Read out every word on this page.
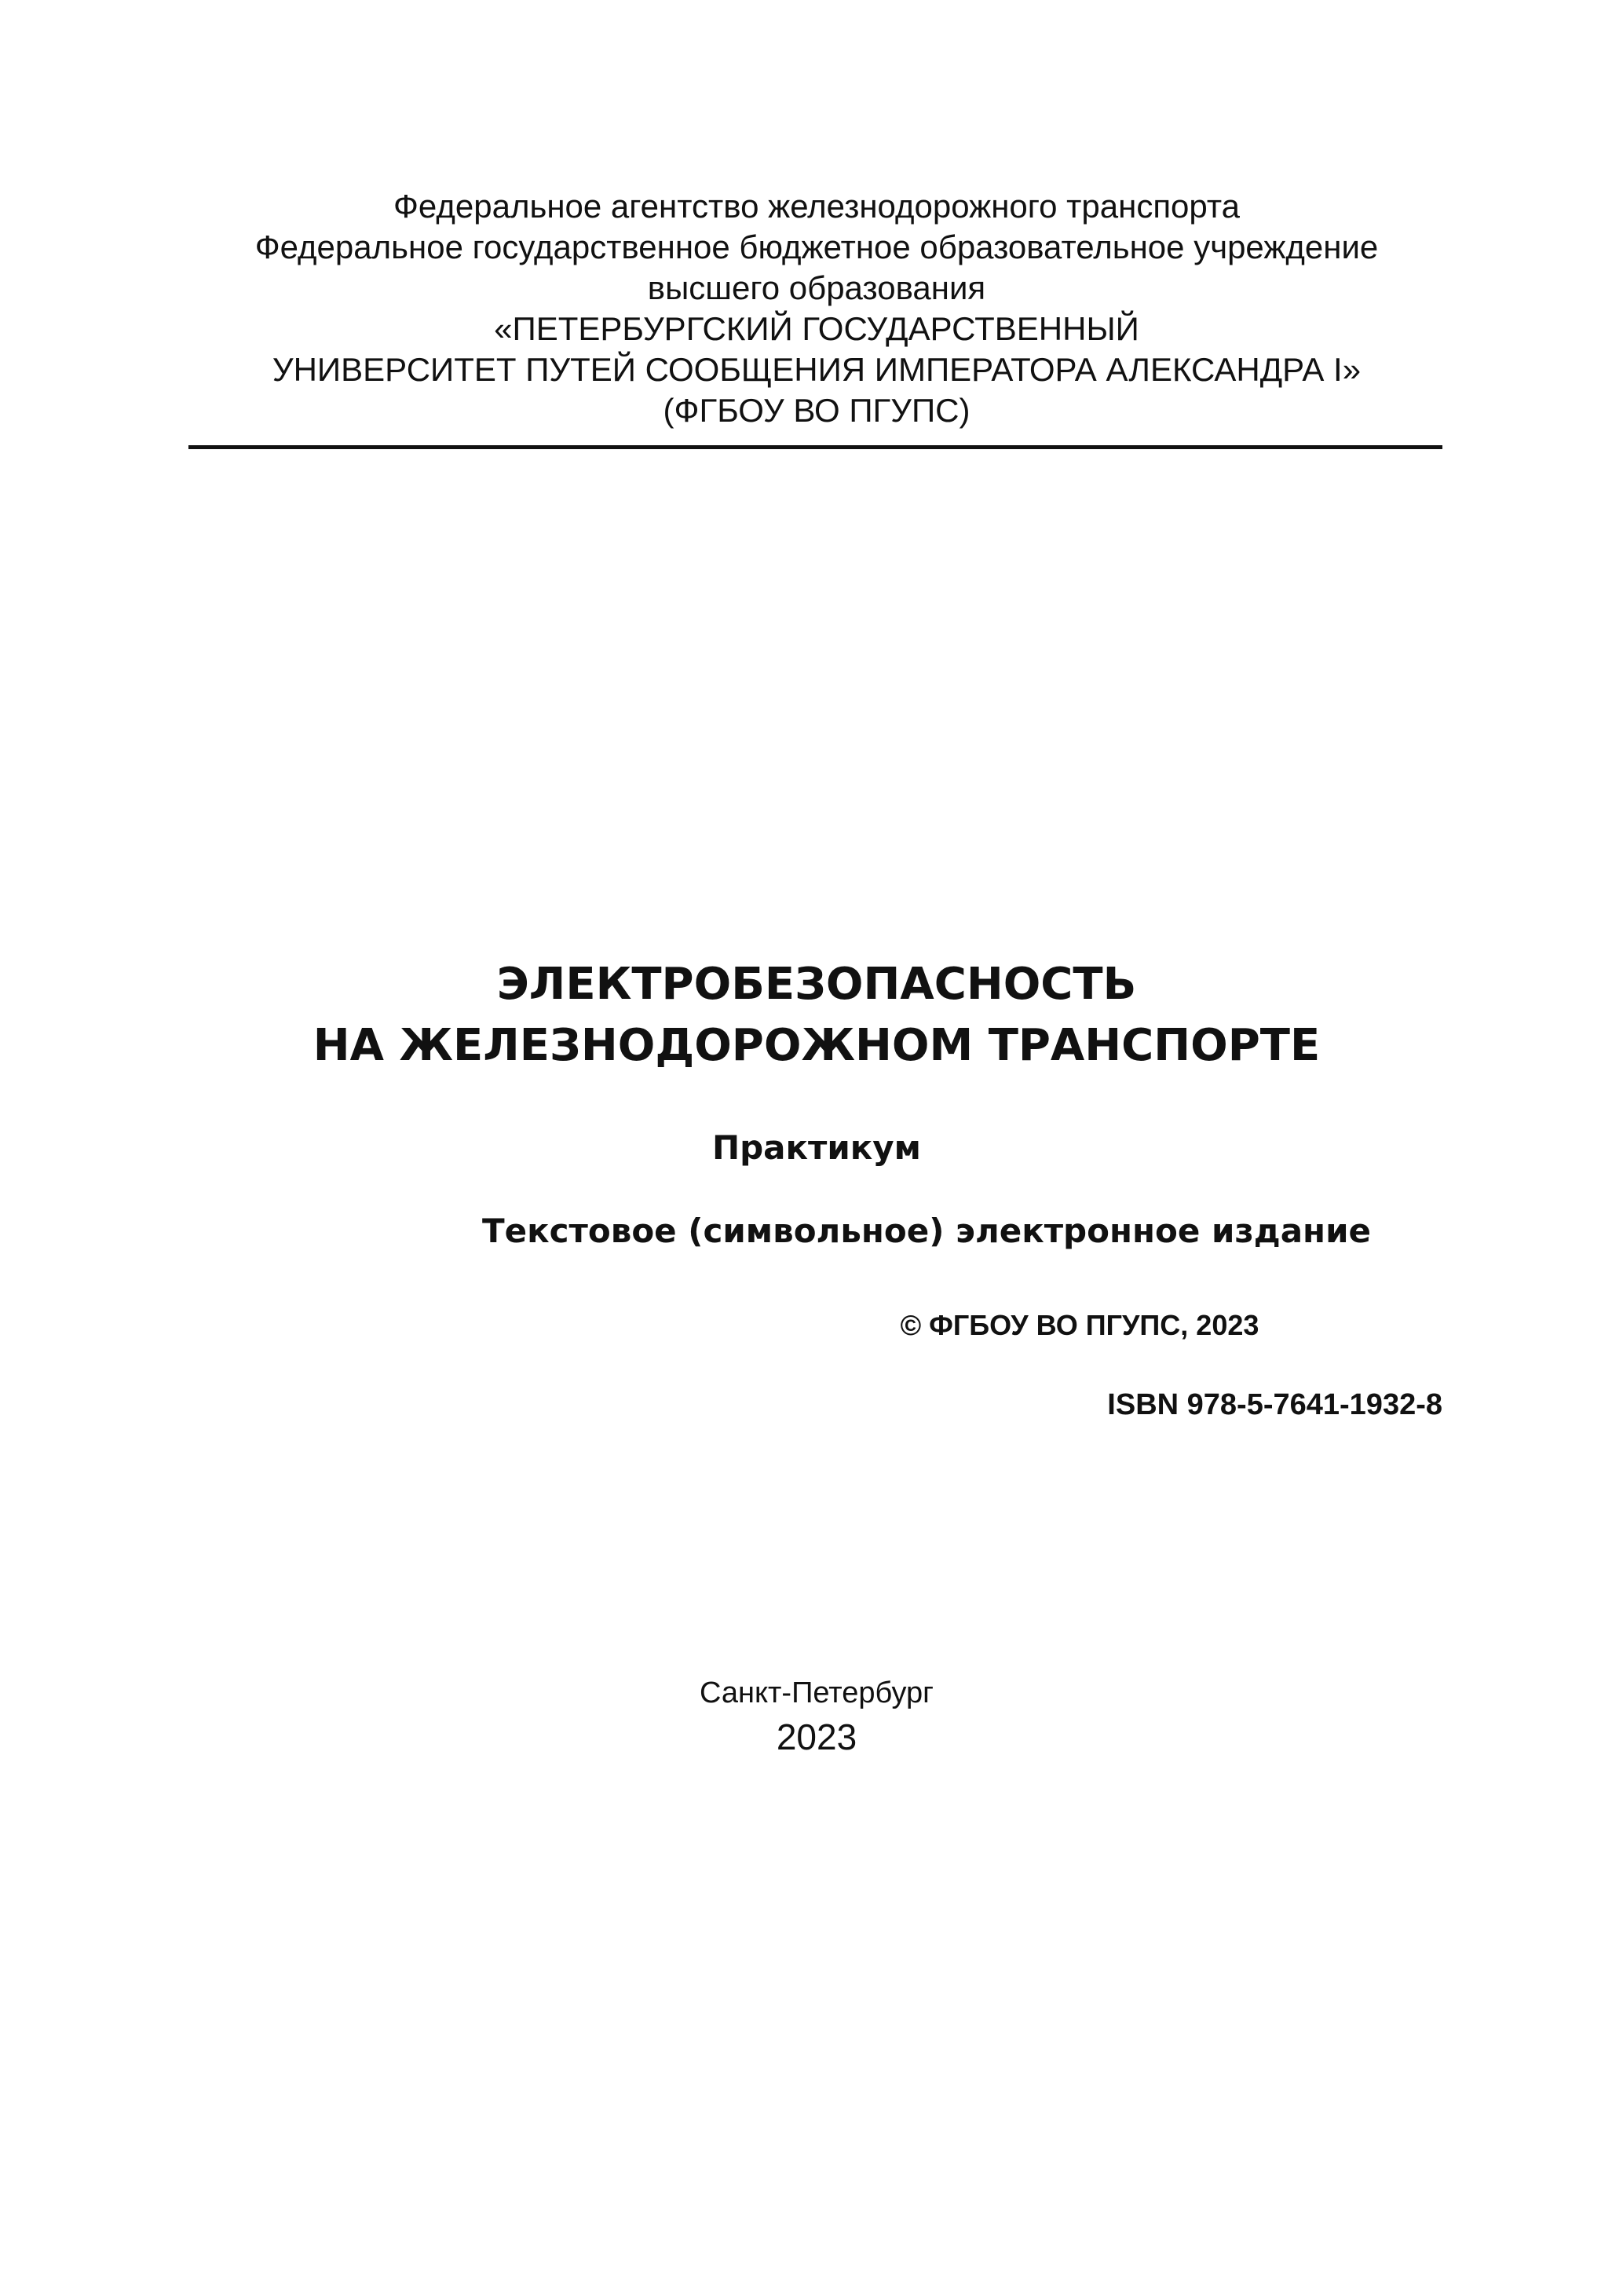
Федеральное агентство железнодорожного транспорта
Федеральное государственное бюджетное образовательное учреждение
высшего образования
«ПЕТЕРБУРГСКИЙ ГОСУДАРСТВЕННЫЙ
УНИВЕРСИТЕТ ПУТЕЙ СООБЩЕНИЯ ИМПЕРАТОРА АЛЕКСАНДРА I»
(ФГБОУ ВО ПГУПС)
ЭЛЕКТРОБЕЗОПАСНОСТЬ
НА ЖЕЛЕЗНОДОРОЖНОМ ТРАНСПОРТЕ
Практикум
Текстовое (символьное) электронное издание
© ФГБОУ ВО ПГУПС, 2023
ISBN 978-5-7641-1932-8
Санкт-Петербург
2023
